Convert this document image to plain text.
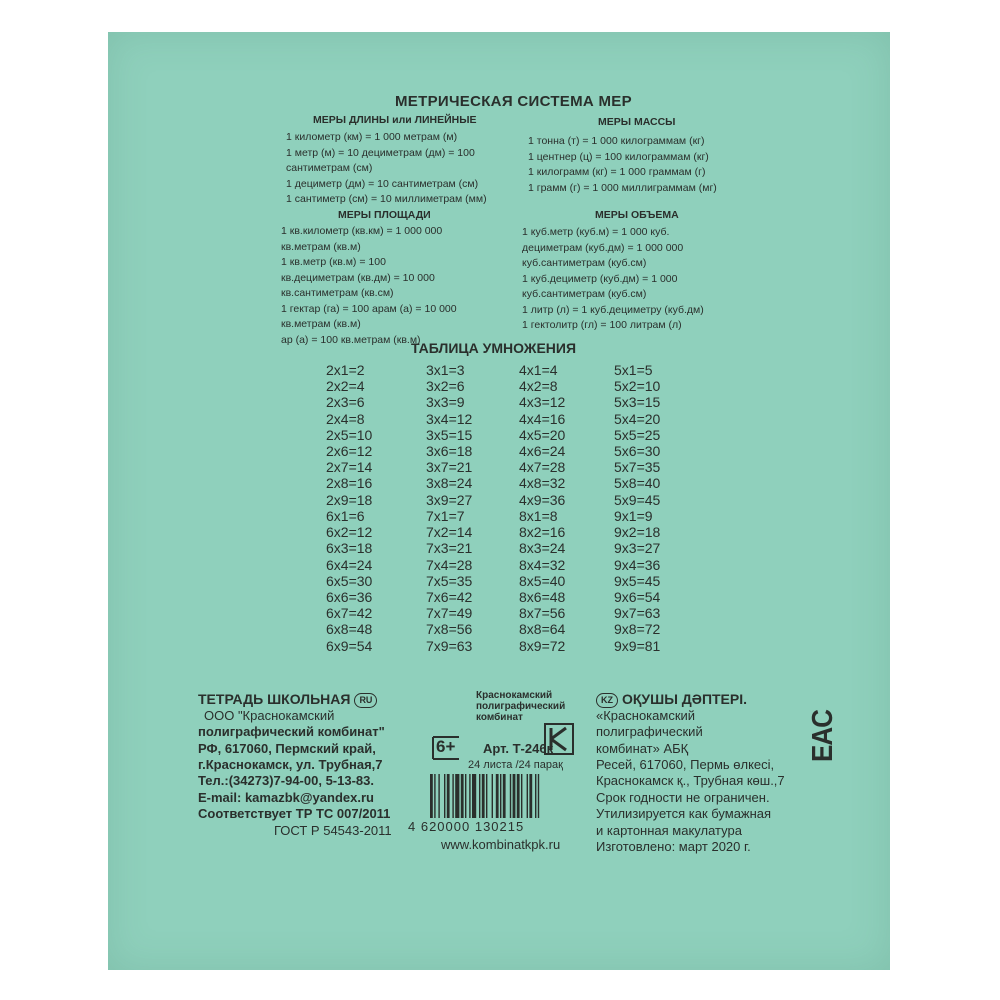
МЕТРИЧЕСКАЯ СИСТЕМА МЕР
МЕРЫ ДЛИНЫ или ЛИНЕЙНЫЕ
1 километр (км) = 1 000 метрам (м)
1 метр (м) = 10 дециметрам (дм) = 100
сантиметрам (см)
1 дециметр (дм) = 10 сантиметрам (см)
1 сантиметр (см) = 10 миллиметрам (мм)
МЕРЫ МАССЫ
1 тонна (т) = 1 000 килограммам (кг)
1 центнер (ц) = 100 килограммам (кг)
1 килограмм (кг) = 1 000 граммам (г)
1 грамм (г) = 1 000 миллиграммам (мг)
МЕРЫ ПЛОЩАДИ
1 кв.километр (кв.км) = 1 000 000
кв.метрам (кв.м)
1 кв.метр (кв.м) = 100
кв.дециметрам (кв.дм) = 10 000
кв.сантиметрам (кв.см)
1 гектар (га) = 100 арам (а) = 10 000
кв.метрам (кв.м)
ар (а) = 100 кв.метрам (кв.м)
МЕРЫ ОБЪЕМА
1 куб.метр (куб.м) = 1 000 куб.
дециметрам (куб.дм) = 1 000 000
куб.сантиметрам (куб.см)
1 куб.дециметр (куб.дм) = 1 000
куб.сантиметрам (куб.см)
1 литр (л) = 1 куб.дециметру (куб.дм)
1 гектолитр (гл) = 100 литрам (л)
ТАБЛИЦА УМНОЖЕНИЯ
2x1=2
2x2=4
2x3=6
2x4=8
2x5=10
2x6=12
2x7=14
2x8=16
2x9=18
3x1=3
3x2=6
3x3=9
3x4=12
3x5=15
3x6=18
3x7=21
3x8=24
3x9=27
4x1=4
4x2=8
4x3=12
4x4=16
4x5=20
4x6=24
4x7=28
4x8=32
4x9=36
5x1=5
5x2=10
5x3=15
5x4=20
5x5=25
5x6=30
5x7=35
5x8=40
5x9=45
6x1=6
6x2=12
6x3=18
6x4=24
6x5=30
6x6=36
6x7=42
6x8=48
6x9=54
7x1=7
7x2=14
7x3=21
7x4=28
7x5=35
7x6=42
7x7=49
7x8=56
7x9=63
8x1=8
8x2=16
8x3=24
8x4=32
8x5=40
8x6=48
8x7=56
8x8=64
8x9=72
9x1=9
9x2=18
9x3=27
9x4=36
9x5=45
9x6=54
9x7=63
9x8=72
9x9=81
ТЕТРАДЬ ШКОЛЬНАЯ RU
ООО "Краснокамский
полиграфический комбинат"
РФ, 617060, Пермский край,
г.Краснокамск, ул. Трубная,7
Тел.:(34273)7-94-00, 5-13-83.
E-mail: kamazbk@yandex.ru
Соответствует ТР ТС 007/2011
ГОСТ Р 54543-2011
Краснокамский
полиграфический
комбинат
6+ Арт. Т-246к
24 листа /24 парақ
4 620000 130215
www.kombinatkpk.ru
KZ ОҚУШЫ ДӘПТЕРІ.
«Краснокамский
полиграфический
комбинат» АБҚ
Ресей, 617060, Пермь өлкесі,
Краснокамск қ., Трубная көш.,7
Срок годности не ограничен.
Утилизируется как бумажная
и картонная макулатура
Изготовлено: март 2020 г.
EAC
